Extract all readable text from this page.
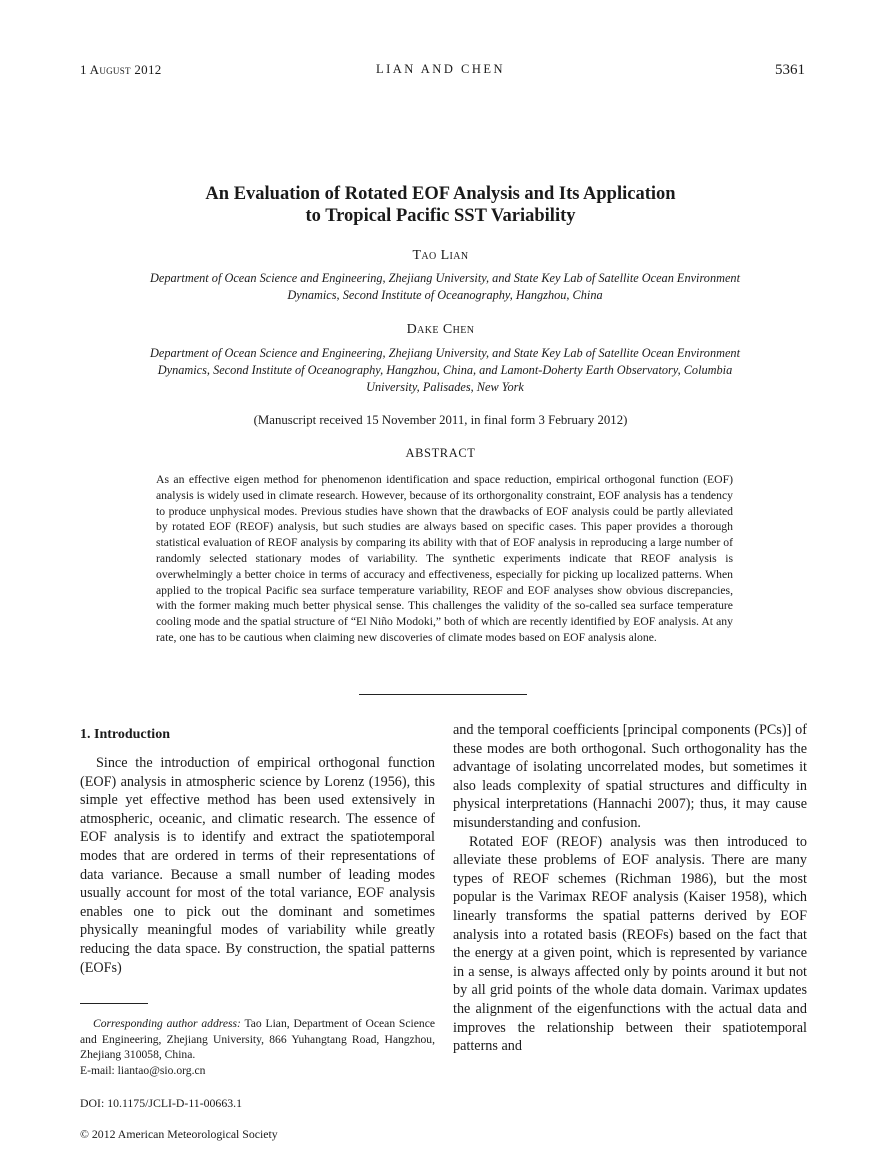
1 August 2012	LIAN AND CHEN	5361
An Evaluation of Rotated EOF Analysis and Its Application
to Tropical Pacific SST Variability
Tao Lian
Department of Ocean Science and Engineering, Zhejiang University, and State Key Lab of Satellite Ocean Environment Dynamics, Second Institute of Oceanography, Hangzhou, China
Dake Chen
Department of Ocean Science and Engineering, Zhejiang University, and State Key Lab of Satellite Ocean Environment Dynamics, Second Institute of Oceanography, Hangzhou, China, and Lamont-Doherty Earth Observatory, Columbia University, Palisades, New York
(Manuscript received 15 November 2011, in final form 3 February 2012)
ABSTRACT
As an effective eigen method for phenomenon identification and space reduction, empirical orthogonal function (EOF) analysis is widely used in climate research. However, because of its orthorgonality constraint, EOF analysis has a tendency to produce unphysical modes. Previous studies have shown that the drawbacks of EOF analysis could be partly alleviated by rotated EOF (REOF) analysis, but such studies are always based on specific cases. This paper provides a thorough statistical evaluation of REOF analysis by comparing its ability with that of EOF analysis in reproducing a large number of randomly selected stationary modes of variability. The synthetic experiments indicate that REOF analysis is overwhelmingly a better choice in terms of accuracy and effectiveness, especially for picking up localized patterns. When applied to the tropical Pacific sea surface temperature variability, REOF and EOF analyses show obvious discrepancies, with the former making much better physical sense. This challenges the validity of the so-called sea surface temperature cooling mode and the spatial structure of “El Niño Modoki,” both of which are recently identified by EOF analysis. At any rate, one has to be cautious when claiming new discoveries of climate modes based on EOF analysis alone.
1. Introduction
Since the introduction of empirical orthogonal function (EOF) analysis in atmospheric science by Lorenz (1956), this simple yet effective method has been used extensively in atmospheric, oceanic, and climatic research. The essence of EOF analysis is to identify and extract the spatiotemporal modes that are ordered in terms of their representations of data variance. Because a small number of leading modes usually account for most of the total variance, EOF analysis enables one to pick out the dominant and sometimes physically meaningful modes of variability while greatly reducing the data space. By construction, the spatial patterns (EOFs)

and the temporal coefficients [principal components (PCs)] of these modes are both orthogonal. Such orthogonality has the advantage of isolating uncorrelated modes, but sometimes it also leads complexity of spatial structures and difficulty in physical interpretations (Hannachi 2007); thus, it may cause misunderstanding and confusion.

Rotated EOF (REOF) analysis was then introduced to alleviate these problems of EOF analysis. There are many types of REOF schemes (Richman 1986), but the most popular is the Varimax REOF analysis (Kaiser 1958), which linearly transforms the spatial patterns derived by EOF analysis into a rotated basis (REOFs) based on the fact that the energy at a given point, which is represented by variance in a sense, is always affected only by points around it but not by all grid points of the whole data domain. Varimax updates the alignment of the eigenfunctions with the actual data and improves the relationship between their spatiotemporal patterns and

Corresponding author address: Tao Lian, Department of Ocean Science and Engineering, Zhejiang University, 866 Yuhangtang Road, Hangzhou, Zhejiang 310058, China.
E-mail: liantao@sio.org.cn
DOI: 10.1175/JCLI-D-11-00663.1
© 2012 American Meteorological Society
